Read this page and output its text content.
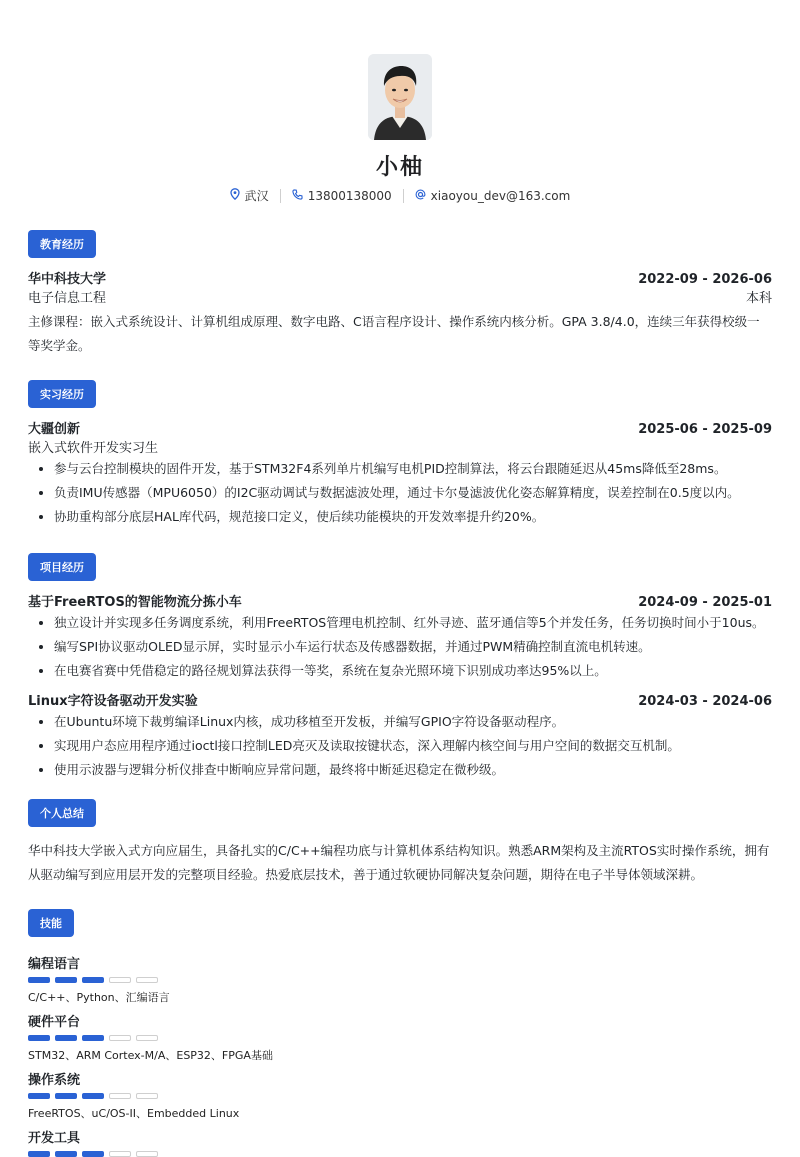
小柚
武汉	13800138000	xiaoyou_dev@163.com
教育经历
华中科技大学	2022-09 - 2026-06
电子信息工程	本科
主修课程：嵌入式系统设计、计算机组成原理、数字电路、C语言程序设计、操作系统内核分析。GPA 3.8/4.0，连续三年获得校级一等奖学金。
实习经历
大疆创新	2025-06 - 2025-09
嵌入式软件开发实习生
• 参与云台控制模块的固件开发，基于STM32F4系列单片机编写电机PID控制算法，将云台跟随延迟从45ms降低至28ms。
• 负责IMU传感器（MPU6050）的I2C驱动调试与数据滤波处理，通过卡尔曼滤波优化姿态解算精度，误差控制在0.5度以内。
• 协助重构部分底层HAL库代码，规范接口定义，使后续功能模块的开发效率提升约20%。
项目经历
基于FreeRTOS的智能物流分拣小车	2024-09 - 2025-01
• 独立设计并实现多任务调度系统，利用FreeRTOS管理电机控制、红外寻迹、蓝牙通信等5个并发任务，任务切换时间小于10us。
• 编写SPI协议驱动OLED显示屏，实时显示小车运行状态及传感器数据，并通过PWM精确控制直流电机转速。
• 在电赛省赛中凭借稳定的路径规划算法获得一等奖，系统在复杂光照环境下识别成功率达95%以上。
Linux字符设备驱动开发实验	2024-03 - 2024-06
• 在Ubuntu环境下裁剪编译Linux内核，成功移植至开发板，并编写GPIO字符设备驱动程序。
• 实现用户态应用程序通过ioctl接口控制LED亮灭及读取按键状态，深入理解内核空间与用户空间的数据交互机制。
• 使用示波器与逻辑分析仪排查中断响应异常问题，最终将中断延迟稳定在微秒级。
个人总结
华中科技大学嵌入式方向应届生，具备扎实的C/C++编程功底与计算机体系结构知识。熟悉ARM架构及主流RTOS实时操作系统，拥有从驱动编写到应用层开发的完整项目经验。热爱底层技术，善于通过软硬协同解决复杂问题，期待在电子半导体领域深耕。
技能
编程语言
C/C++、Python、汇编语言
硬件平台
STM32、ARM Cortex-M/A、ESP32、FPGA基础
操作系统
FreeRTOS、uC/OS-II、Embedded Linux
开发工具
